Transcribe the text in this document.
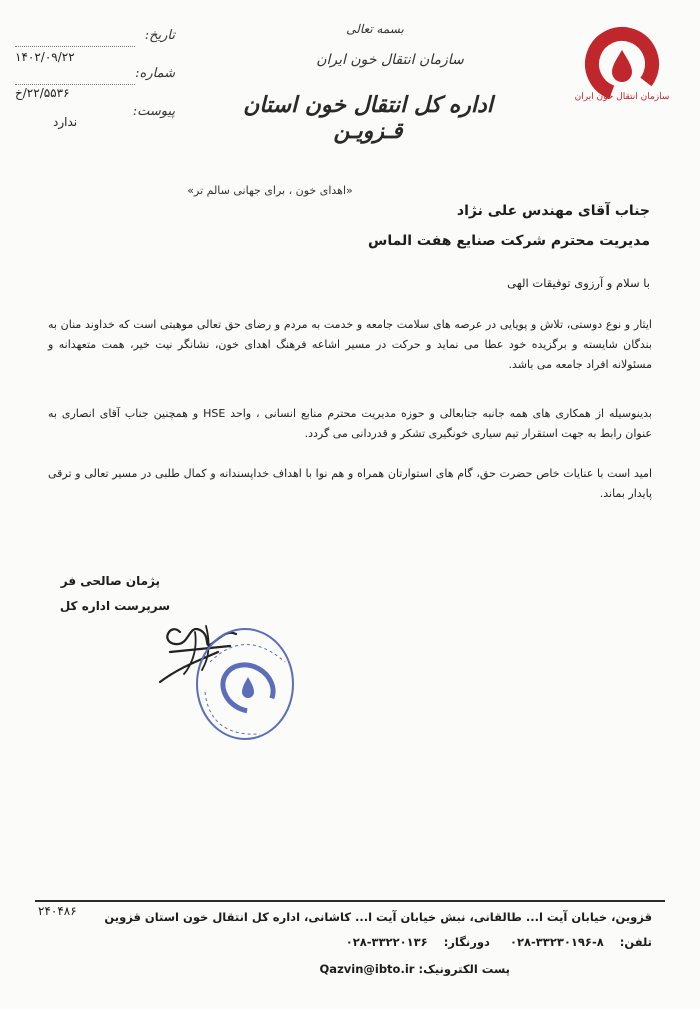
سازمان انتقال خون ایران
بسمه تعالی
سازمان انتقال خون ایران
اداره کل انتقال خون استان قـزویـن
تاریخ:
۱۴۰۲/۰۹/۲۲
شماره:
۲۲/۵۵۳۶/خ
پیوست:
ندارد
«اهدای خون ، برای جهانی سالم تر»
جناب آقای مهندس علی نژاد
مدیریت محترم شرکت صنایع هفت الماس
با سلام و آرزوی توفیقات الهی
ایثار و نوع دوستی، تلاش و پویایی در عرصه های سلامت جامعه و خدمت به مردم و رضای حق تعالی موهبتی است که خداوند منان به بندگان شایسته و برگزیده خود عطا می نماید و حرکت در مسیر اشاعه فرهنگ اهدای خون، نشانگر نیت خیر، همت متعهدانه و مسئولانه افراد جامعه می باشد.
بدینوسیله از همکاری های همه جانبه جنابعالی و حوزه مدیریت محترم منابع انسانی ، واحد HSE و همچنین جناب آقای انصاری به عنوان رابط به جهت استقرار تیم سیاری خونگیری تشکر و قدردانی می گردد.
امید است با عنایات خاص حضرت حق، گام های استوارتان همراه و هم نوا با اهداف خداپسندانه و کمال طلبی در مسیر تعالی و ترقی پایدار بماند.
پژمان صالحی فر
سرپرست اداره کل
۲۴۰۴۸۶ قزوین، خیابان آیت ا... طالقانی، نبش خیابان آیت ا... کاشانی، اداره کل انتقال خون استان قزوین
تلفن:۸-۳۳۲۳۰۱۹۶-۰۲۸ دورنگار:۳۳۲۲۰۱۳۶-۰۲۸
پست الکترونیک: Qazvin@ibto.ir
